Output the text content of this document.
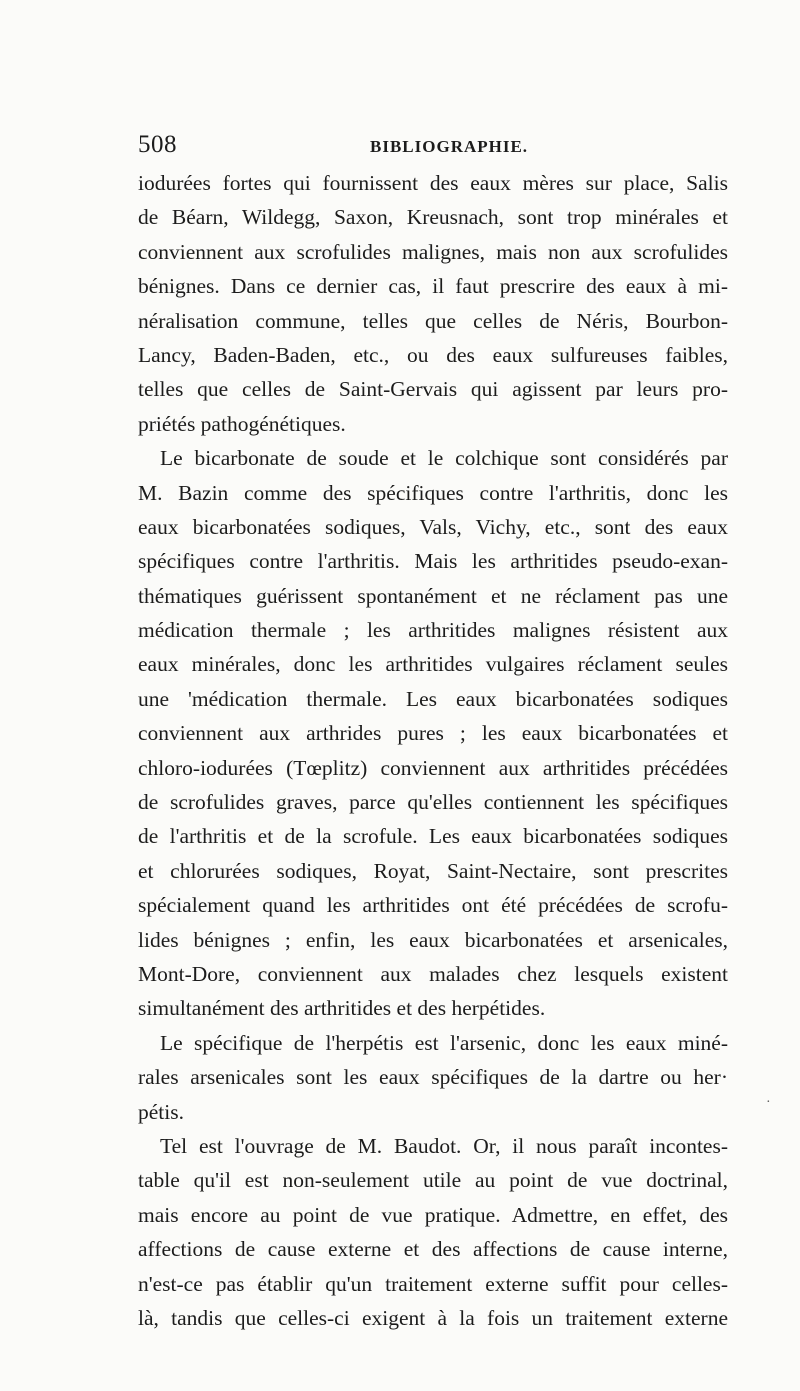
508	BIBLIOGRAPHIE.
iodurées fortes qui fournissent des eaux mères sur place, Salis
de Béarn, Wildegg, Saxon, Kreusnach, sont trop minérales et
conviennent aux scrofulides malignes, mais non aux scrofulides
bénignes. Dans ce dernier cas, il faut prescrire des eaux à mi-
néralisation commune, telles que celles de Néris, Bourbon-
Lancy, Baden-Baden, etc., ou des eaux sulfureuses faibles,
telles que celles de Saint-Gervais qui agissent par leurs pro-
priétés pathogénétiques.
Le bicarbonate de soude et le colchique sont considérés par
M. Bazin comme des spécifiques contre l'arthritis, donc les
eaux bicarbonatées sodiques, Vals, Vichy, etc., sont des eaux
spécifiques contre l'arthritis. Mais les arthritides pseudo-exan-
thématiques guérissent spontanément et ne réclament pas une
médication thermale ; les arthritides malignes résistent aux
eaux minérales, donc les arthritides vulgaires réclament seules
une 'médication thermale. Les eaux bicarbonatées sodiques
conviennent aux arthrides pures ; les eaux bicarbonatées et
chloro-iodurées (Tœplitz) conviennent aux arthritides précédées
de scrofulides graves, parce qu'elles contiennent les spécifiques
de l'arthritis et de la scrofule. Les eaux bicarbonatées sodiques
et chlorurées sodiques, Royat, Saint-Nectaire, sont prescrites
spécialement quand les arthritides ont été précédées de scrofu-
lides bénignes ; enfin, les eaux bicarbonatées et arsenicales,
Mont-Dore, conviennent aux malades chez lesquels existent
simultanément des arthritides et des herpétides.
Le spécifique de l'herpétis est l'arsenic, donc les eaux miné-
rales arsenicales sont les eaux spécifiques de la dartre ou her·
pétis.
Tel est l'ouvrage de M. Baudot. Or, il nous paraît incontes-
table qu'il est non-seulement utile au point de vue doctrinal,
mais encore au point de vue pratique. Admettre, en effet, des
affections de cause externe et des affections de cause interne,
n'est-ce pas établir qu'un traitement externe suffit pour celles-
là, tandis que celles-ci exigent à la fois un traitement externe
·
